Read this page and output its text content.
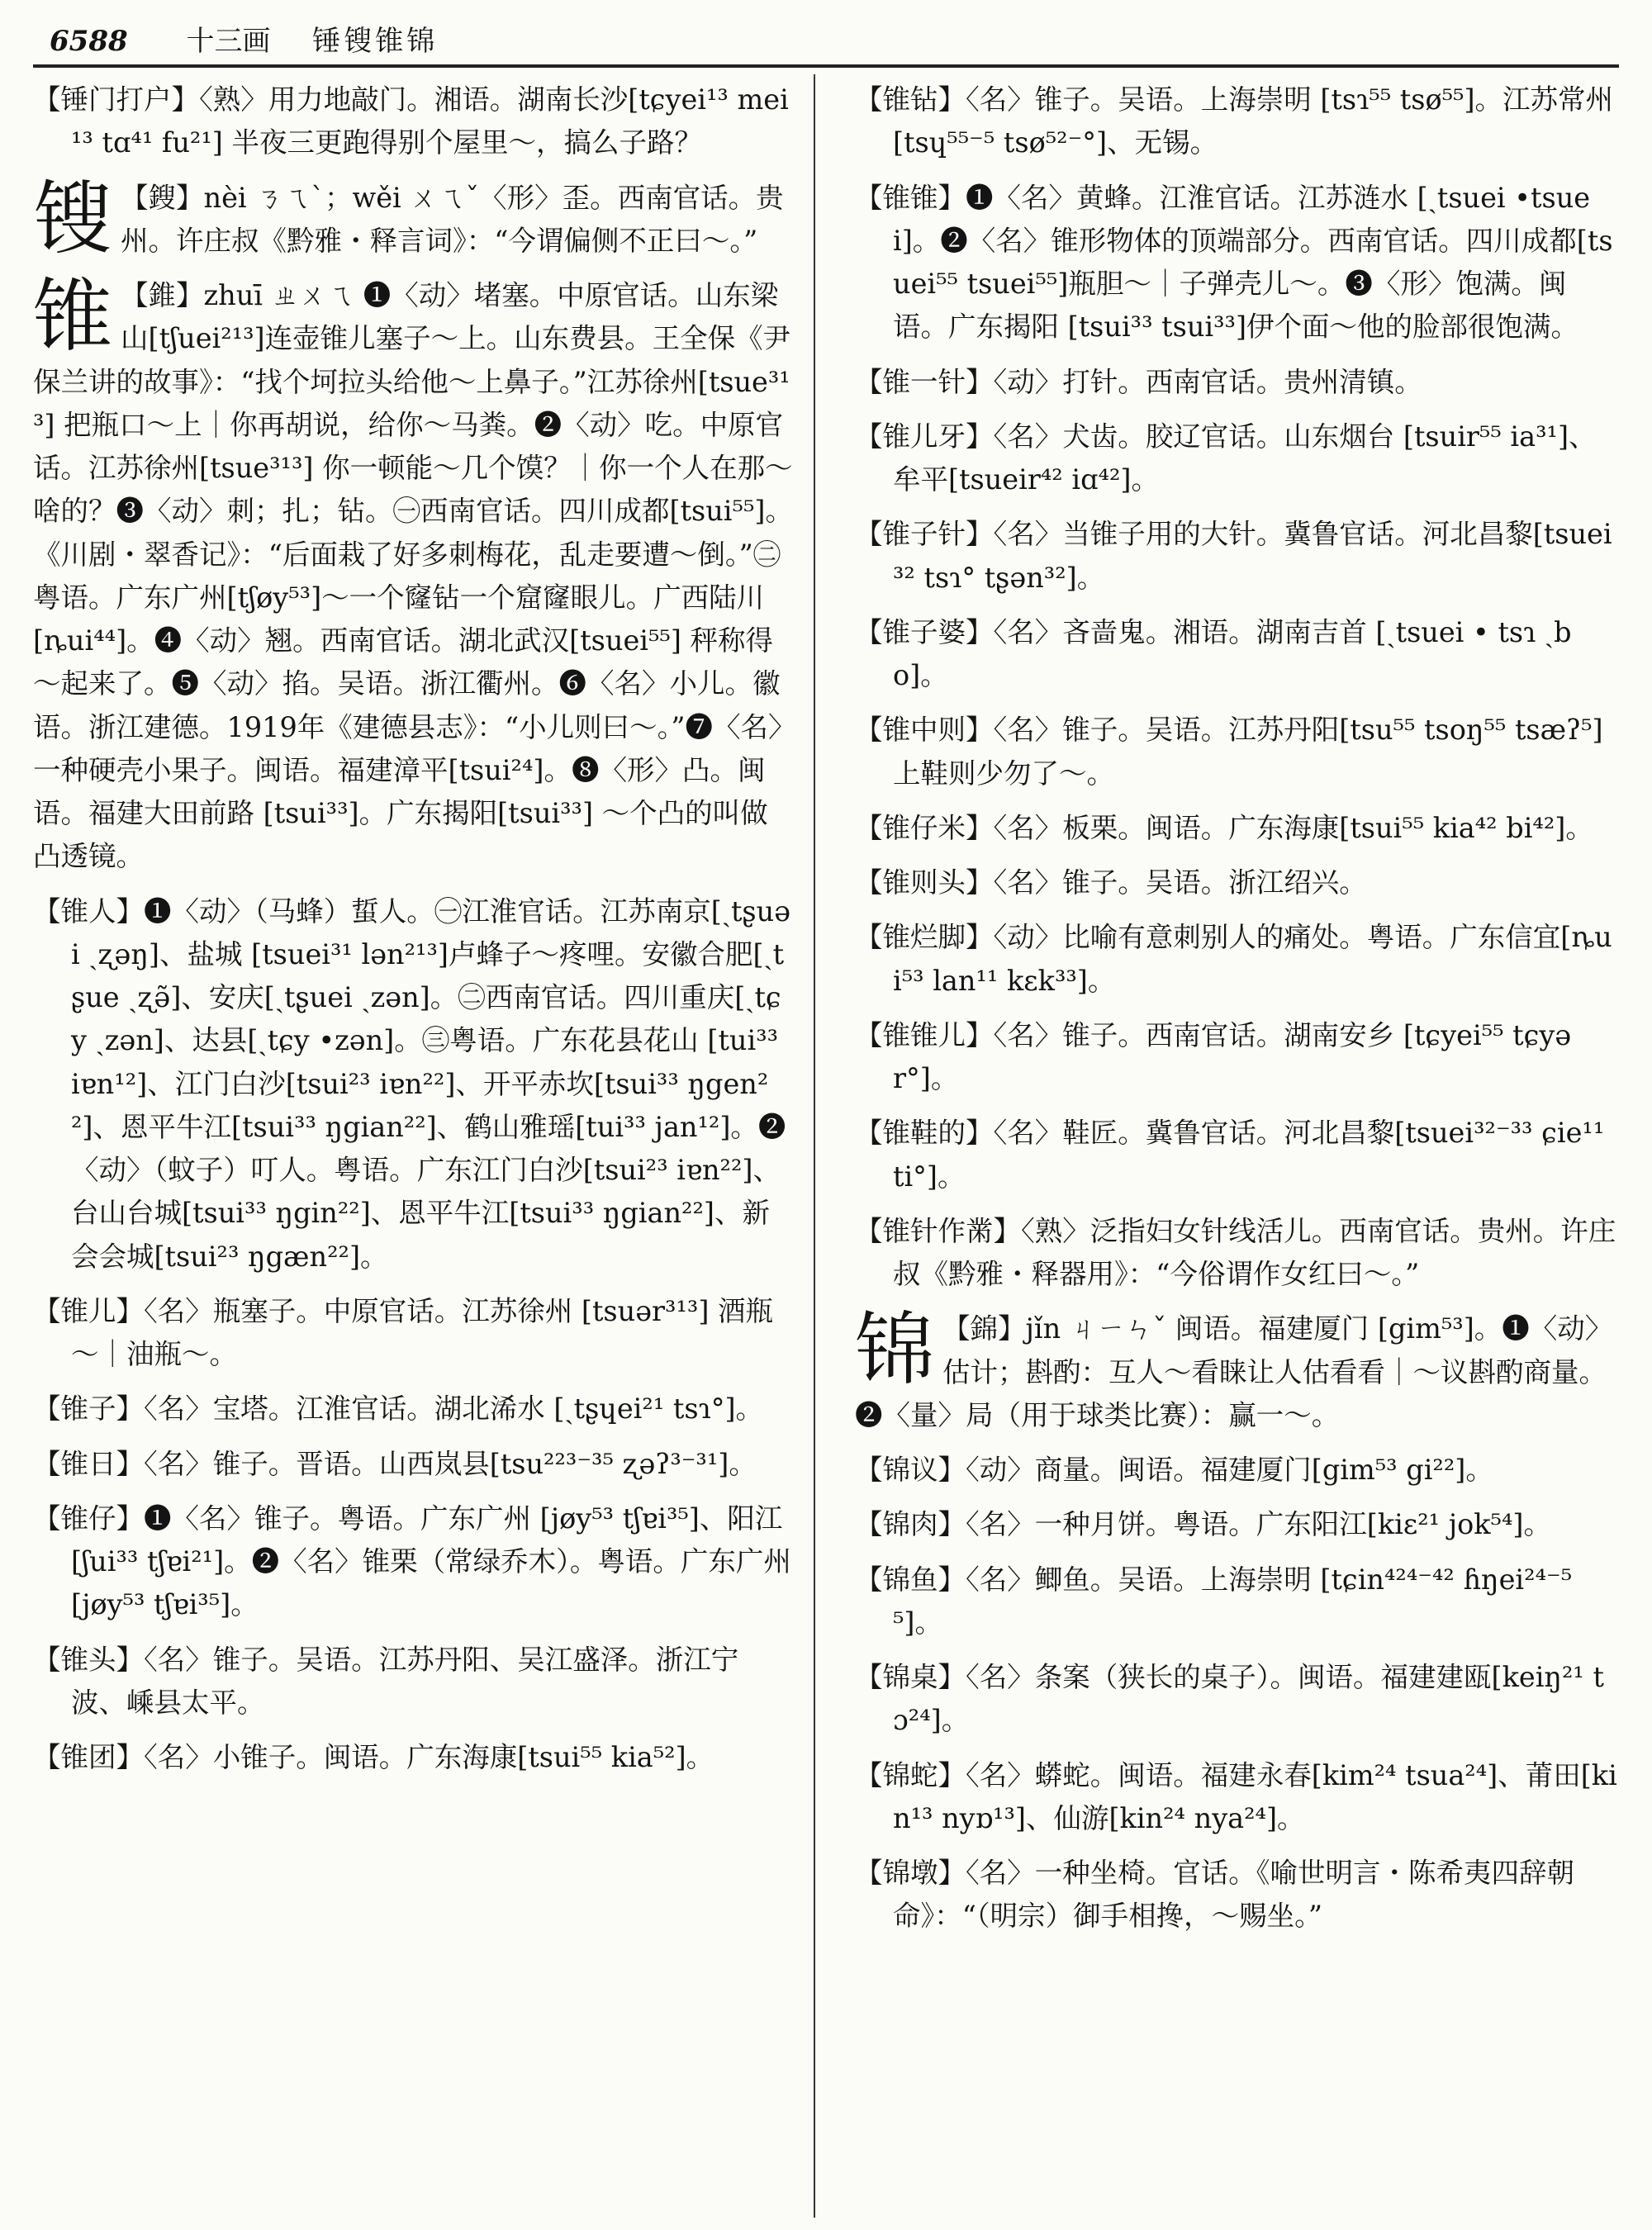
6588 十三画 锤锼锥锦
【锤门打户】〈熟〉用力地敲门。湘语。湖南长沙[tɕyei¹³ mei¹³ tɑ⁴¹ fu²¹] 半夜三更跑得别个屋里～，搞么子路？
锼 【鎪】nèi ㄋㄟˋ；wěi ㄨㄟˇ〈形〉歪。西南官话。贵州。许庄叔《黔雅・释言词》：“今谓偏侧不正曰～。”
锥 【錐】zhuī ㄓㄨㄟ ❶〈动〉堵塞。中原官话。山东梁山[tʃuei²¹³]连壶锥儿塞子～上。山东费县。王全保《尹保兰讲的故事》：“找个坷拉头给他～上鼻子。”江苏徐州[tsue³¹³] 把瓶口～上｜你再胡说，给你～马粪。❷〈动〉吃。中原官话。江苏徐州[tsue³¹³] 你一顿能～几个馍？｜你一个人在那～啥的？❸〈动〉刺；扎；钻。㊀西南官话。四川成都[tsui⁵⁵]。《川剧・翠香记》：“后面栽了好多刺梅花，乱走要遭～倒。”㊁粤语。广东广州[tʃøy⁵³]～一个窿钻一个窟窿眼儿。广西陆川[ȵui⁴⁴]。❹〈动〉翘。西南官话。湖北武汉[tsuei⁵⁵] 秤称得～起来了。❺〈动〉掐。吴语。浙江衢州。❻〈名〉小儿。徽语。浙江建德。1919年《建德县志》：“小儿则曰～。”❼〈名〉一种硬壳小果子。闽语。福建漳平[tsui²⁴]。❽〈形〉凸。闽语。福建大田前路 [tsui³³]。广东揭阳[tsui³³] ～个凸的叫做凸透镜。
【锥人】❶〈动〉（马蜂）蜇人。㊀江淮官话。江苏南京[ˏtʂuəi ˏʐəŋ]、盐城 [tsuei³¹ lən²¹³]卢蜂子～疼哩。安徽合肥[ˏtʂue ˏʐə̃]、安庆[ˏtʂuei ˏzən]。㊁西南官话。四川重庆[ˏtɕy ˏzən]、达县[ˏtɕy •zən]。㊂粤语。广东花县花山 [tui³³ iɐn¹²]、江门白沙[tsui²³ iɐn²²]、开平赤坎[tsui³³ ŋgen²²]、恩平牛江[tsui³³ ŋgian²²]、鹤山雅瑶[tui³³ jan¹²]。❷〈动〉（蚊子）叮人。粤语。广东江门白沙[tsui²³ iɐn²²]、台山台城[tsui³³ ŋgin²²]、恩平牛江[tsui³³ ŋgian²²]、新会会城[tsui²³ ŋgæn²²]。
【锥儿】〈名〉瓶塞子。中原官话。江苏徐州 [tsuər³¹³] 酒瓶～｜油瓶～。
【锥子】〈名〉宝塔。江淮官话。湖北浠水 [ˏtʂɥei²¹ tsɿ°]。
【锥日】〈名〉锥子。晋语。山西岚县[tsu²²³⁻³⁵ ʐəʔ³⁻³¹]。
【锥仔】❶〈名〉锥子。粤语。广东广州 [jøy⁵³ tʃɐi³⁵]、阳江[ʃui³³ tʃɐi²¹]。❷〈名〉锥栗（常绿乔木）。粤语。广东广州[jøy⁵³ tʃɐi³⁵]。
【锥头】〈名〉锥子。吴语。江苏丹阳、吴江盛泽。浙江宁波、嵊县太平。
【锥团】〈名〉小锥子。闽语。广东海康[tsui⁵⁵ kia⁵²]。
【锥钻】〈名〉锥子。吴语。上海崇明 [tsɿ⁵⁵ tsø⁵⁵]。江苏常州[tsɥ⁵⁵⁻⁵ tsø⁵²⁻°]、无锡。
【锥锥】❶〈名〉黄蜂。江淮官话。江苏涟水 [ˏtsuei •tsuei]。❷〈名〉锥形物体的顶端部分。西南官话。四川成都[tsuei⁵⁵ tsuei⁵⁵]瓶胆～｜子弹壳儿～。❸〈形〉饱满。闽语。广东揭阳 [tsui³³ tsui³³]伊个面～他的脸部很饱满。
【锥一针】〈动〉打针。西南官话。贵州清镇。
【锥儿牙】〈名〉犬齿。胶辽官话。山东烟台 [tsuir⁵⁵ ia³¹]、牟平[tsueir⁴² iɑ⁴²]。
【锥子针】〈名〉当锥子用的大针。冀鲁官话。河北昌黎[tsuei³² tsɿ° tʂən³²]。
【锥子婆】〈名〉吝啬鬼。湘语。湖南吉首 [ˏtsuei • tsɿ ˏbo]。
【锥中则】〈名〉锥子。吴语。江苏丹阳[tsu⁵⁵ tsoŋ⁵⁵ tsæʔ⁵]上鞋则少勿了～。
【锥仔米】〈名〉板栗。闽语。广东海康[tsui⁵⁵ kia⁴² bi⁴²]。
【锥则头】〈名〉锥子。吴语。浙江绍兴。
【锥烂脚】〈动〉比喻有意刺别人的痛处。粤语。广东信宜[ȵui⁵³ lan¹¹ kɛk³³]。
【锥锥儿】〈名〉锥子。西南官话。湖南安乡 [tɕyei⁵⁵ tɕyər°]。
【锥鞋的】〈名〉鞋匠。冀鲁官话。河北昌黎[tsuei³²⁻³³ ɕie¹¹ ti°]。
【锥针作黹】〈熟〉泛指妇女针线活儿。西南官话。贵州。许庄叔《黔雅・释器用》：“今俗谓作女红曰～。”
锦 【錦】jǐn ㄐㄧㄣˇ 闽语。福建厦门 [gim⁵³]。❶〈动〉估计；斟酌：互人～看睐让人估看看｜～议斟酌商量。❷〈量〉局（用于球类比赛）：赢一～。
【锦议】〈动〉商量。闽语。福建厦门[gim⁵³ gi²²]。
【锦肉】〈名〉一种月饼。粤语。广东阳江[kiɛ²¹ jok⁵⁴]。
【锦鱼】〈名〉鲫鱼。吴语。上海崇明 [tɕin⁴²⁴⁻⁴² ɦŋei²⁴⁻⁵⁵]。
【锦桌】〈名〉条案（狭长的桌子）。闽语。福建建瓯[keiŋ²¹ tɔ²⁴]。
【锦蛇】〈名〉蟒蛇。闽语。福建永春[kim²⁴ tsua²⁴]、莆田[kin¹³ nyɒ¹³]、仙游[kin²⁴ nya²⁴]。
【锦墩】〈名〉一种坐椅。官话。《喻世明言・陈希夷四辞朝命》：“（明宗）御手相搀，～赐坐。”
